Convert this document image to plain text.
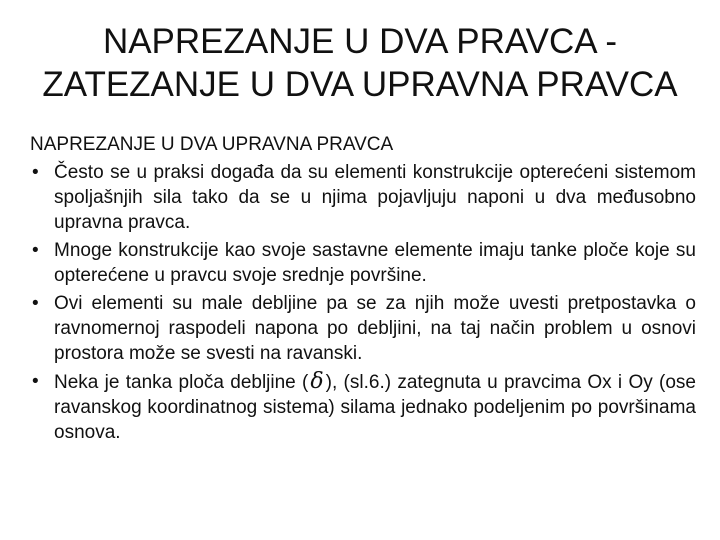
NAPREZANJE U DVA PRAVCA -
ZATEZANJE U DVA UPRAVNA PRAVCA
NAPREZANJE U DVA UPRAVNA PRAVCA
• Često se u praksi događa da su elementi konstrukcije opterećeni sistemom spoljašnjih sila tako da se u njima pojavljuju naponi u dva međusobno upravna pravca.
• Mnoge konstrukcije kao svoje sastavne elemente imaju tanke ploče koje su opterećene u pravcu svoje srednje površine.
• Ovi elementi su male debljine pa se za njih može uvesti pretpostavka o ravnomernoj raspodeli napona po debljini, na taj način problem u osnovi prostora može se svesti na ravanski.
• Neka je tanka ploča debljine (δ ), (sl.6.) zategnuta u pravcima Ox i Oy (ose ravanskog koordinatnog sistema) silama jednako podeljenim po površinama osnova.
